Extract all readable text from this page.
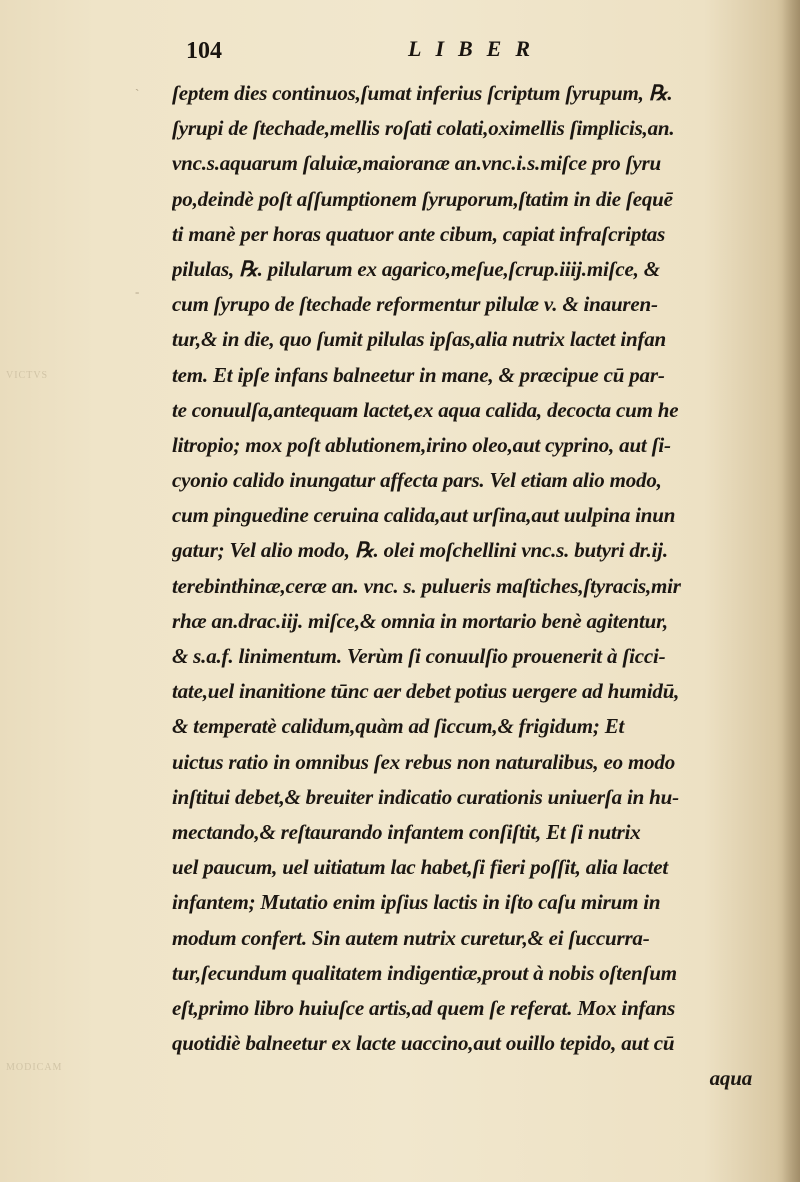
104	LIBER
`
-
VICTVS
MODICAM
ſeptem dies continuos,ſumat inferius ſcriptum ſyrupum, ℞.
ſyrupi de ſtechade,mellis roſati colati,oximellis ſimplicis,an.
vnc.s.aquarum ſaluiæ,maioranæ an.vnc.i.s.miſce pro ſyru
po,deindè poſt aſſumptionem ſyruporum,ſtatim in die ſequē
ti manè per horas quatuor ante cibum, capiat infraſcriptas
pilulas, ℞. pilularum ex agarico,meſue,ſcrup.iiij.miſce, &
cum ſyrupo de ſtechade reformentur pilulæ v. & inauren-
tur,& in die, quo ſumit pilulas ipſas,alia nutrix lactet infan
tem. Et ipſe infans balneetur in mane, & præcipue cū par-
te conuulſa,antequam lactet,ex aqua calida, decocta cum he
litropio; mox poſt ablutionem,irino oleo,aut cyprino, aut ſi-
cyonio calido inungatur affecta pars. Vel etiam alio modo,
cum pinguedine ceruina calida,aut urſina,aut uulpina inun
gatur; Vel alio modo, ℞. olei moſchellini vnc.s. butyri dr.ij.
terebinthinæ,ceræ an. vnc. s. pulueris maſtiches,ſtyracis,mir
rhæ an.drac.iij. miſce,& omnia in mortario benè agitentur,
& s.a.f. linimentum. Verùm ſi conuulſio prouenerit à ſicci-
tate,uel inanitione tūnc aer debet potius uergere ad humidū,
& temperatè calidum,quàm ad ſiccum,& frigidum; Et
uictus ratio in omnibus ſex rebus non naturalibus, eo modo
inſtitui debet,& breuiter indicatio curationis uniuerſa in hu-
mectando,& reſtaurando infantem conſiſtit, Et ſi nutrix
uel paucum, uel uitiatum lac habet,ſi fieri poſſit, alia lactet
infantem; Mutatio enim ipſius lactis in iſto caſu mirum in
modum confert. Sin autem nutrix curetur,& ei ſuccurra-
tur,ſecundum qualitatem indigentiæ,prout à nobis oſtenſum
eſt,primo libro huiuſce artis,ad quem ſe referat. Mox infans
quotidiè balneetur ex lacte uaccino,aut ouillo tepido, aut cū
aqua
